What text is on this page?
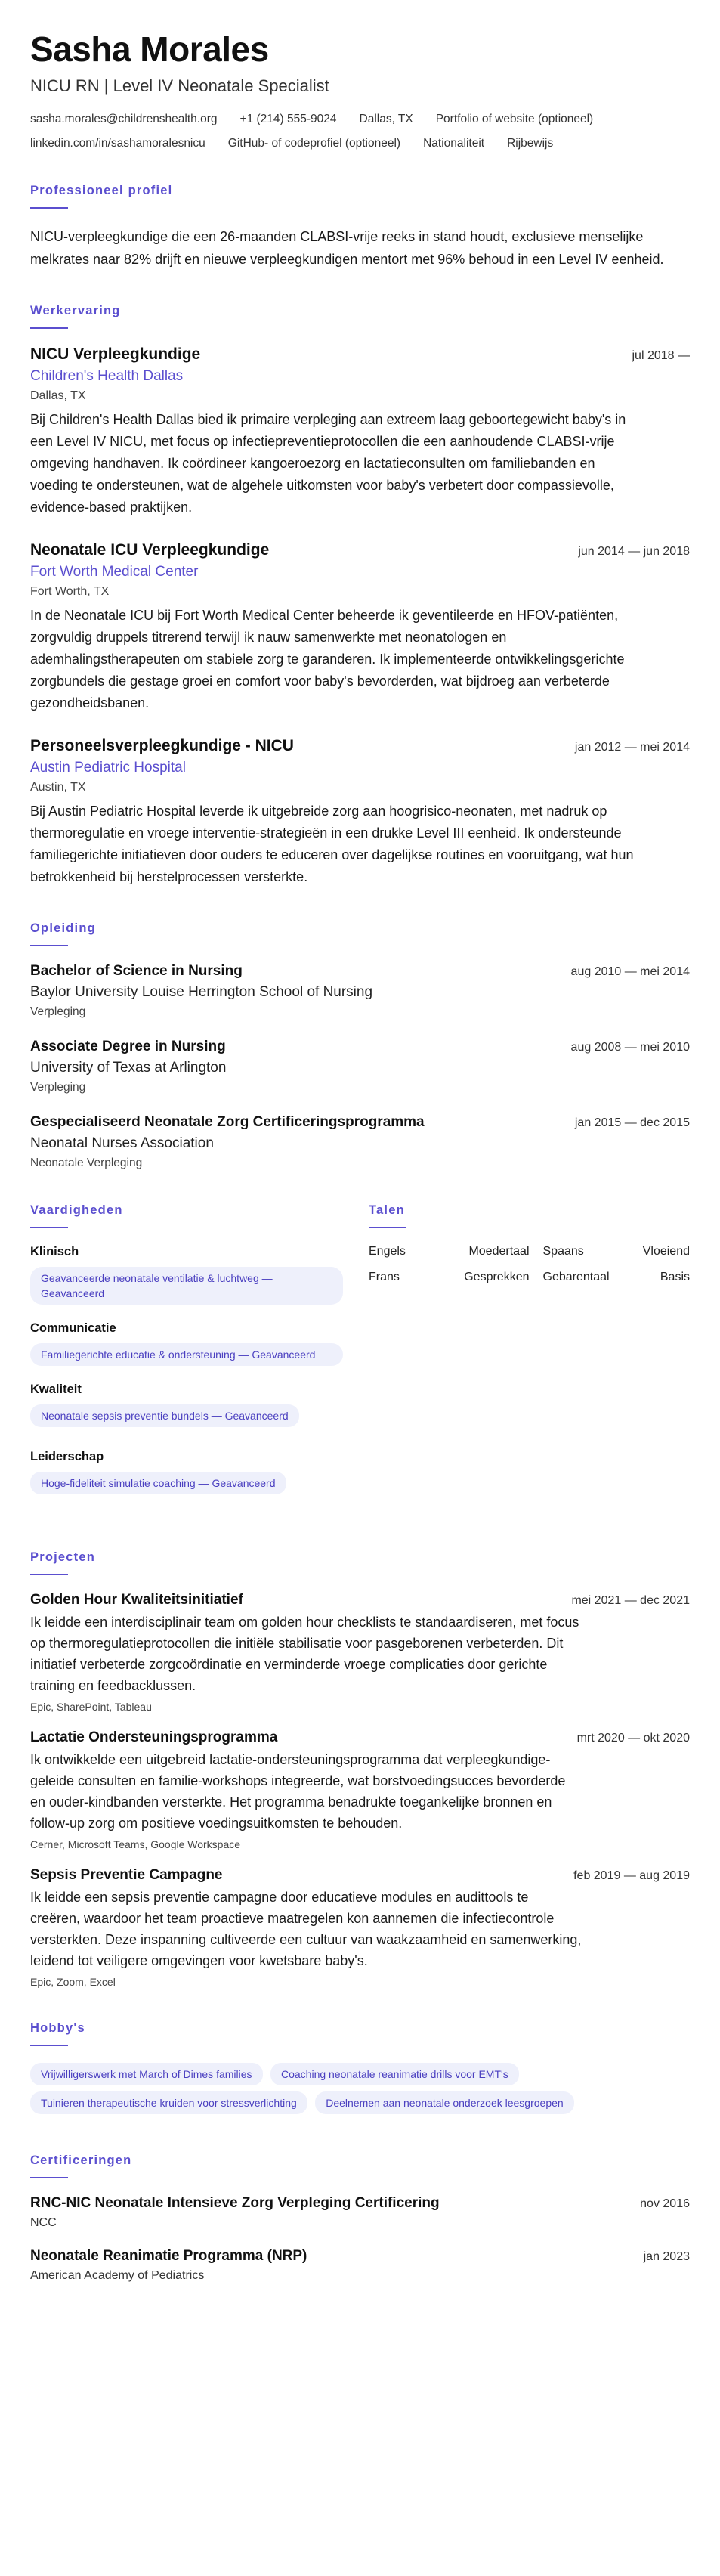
Sasha Morales
NICU RN | Level IV Neonatale Specialist
sasha.morales@childrenshealth.org +1 (214) 555-9024 Dallas, TX Portfolio of website (optioneel)
linkedin.com/in/sashamoralesnicu GitHub- of codeprofiel (optioneel) Nationaliteit Rijbewijs
Professioneel profiel

NICU-verpleegkundige die een 26-maanden CLABSI-vrije reeks in stand houdt, exclusieve menselijke melkrates naar 82% drijft en nieuwe verpleegkundigen mentort met 96% behoud in een Level IV eenheid.

Werkervaring
NICU Verpleegkundige	jul 2018 —
Children's Health Dallas
Dallas, TX

Bij Children's Health Dallas bied ik primaire verpleging aan extreem laag geboortegewicht baby's in een Level IV NICU, met focus op infectiepreventieprotocollen die een aanhoudende CLABSI-vrije omgeving handhaven. Ik coördineer kangoeroezorg en lactatieconsulten om familiebanden en voeding te ondersteunen, wat de algehele uitkomsten voor baby's verbetert door compassievolle, evidence-based praktijken.

Neonatale ICU Verpleegkundige	jun 2014 — jun 2018
Fort Worth Medical Center
Fort Worth, TX

In de Neonatale ICU bij Fort Worth Medical Center beheerde ik geventileerde en HFOV-patiënten, zorgvuldig druppels titrerend terwijl ik nauw samenwerkte met neonatologen en ademhalingstherapeuten om stabiele zorg te garanderen. Ik implementeerde ontwikkelingsgerichte zorgbundels die gestage groei en comfort voor baby's bevorderden, wat bijdroeg aan verbeterde gezondheidsbanen.

Personeelsverpleegkundige - NICU	jan 2012 — mei 2014
Austin Pediatric Hospital
Austin, TX

Bij Austin Pediatric Hospital leverde ik uitgebreide zorg aan hoogrisico-neonaten, met nadruk op thermoregulatie en vroege interventie-strategieën in een drukke Level III eenheid. Ik ondersteunde familiegerichte initiatieven door ouders te educeren over dagelijkse routines en vooruitgang, wat hun betrokkenheid bij herstelprocessen versterkte.

Opleiding
Bachelor of Science in Nursing	aug 2010 — mei 2014
Baylor University Louise Herrington School of Nursing
Verpleging
Associate Degree in Nursing	aug 2008 — mei 2010
University of Texas at Arlington
Verpleging
Gespecialiseerd Neonatale Zorg Certificeringsprogramma	jan 2015 — dec 2015
Neonatal Nurses Association
Neonatale Verpleging
Vaardigheden
Klinisch
Geavanceerde neonatale ventilatie & luchtweg — Geavanceerd
Communicatie
Familiegerichte educatie & ondersteuning — Geavanceerd
Kwaliteit
Neonatale sepsis preventie bundels — Geavanceerd
Leiderschap
Hoge-fideliteit simulatie coaching — Geavanceerd
Talen
Engels	Moedertaal	Spaans	Vloeiend
Frans	Gesprekken	Gebarentaal	Basis
Projecten
Golden Hour Kwaliteitsinitiatief	mei 2021 — dec 2021

Ik leidde een interdisciplinair team om golden hour checklists te standaardiseren, met focus op thermoregulatieprotocollen die initiële stabilisatie voor pasgeborenen verbeterden. Dit initiatief verbeterde zorgcoördinatie en verminderde vroege complicaties door gerichte training en feedbacklussen.

Epic, SharePoint, Tableau
Lactatie Ondersteuningsprogramma	mrt 2020 — okt 2020

Ik ontwikkelde een uitgebreid lactatie-ondersteuningsprogramma dat verpleegkundige-geleide consulten en familie-workshops integreerde, wat borstvoedingsucces bevorderde en ouder-kindbanden versterkte. Het programma benadrukte toegankelijke bronnen en follow-up zorg om positieve voedingsuitkomsten te behouden.

Cerner, Microsoft Teams, Google Workspace
Sepsis Preventie Campagne	feb 2019 — aug 2019

Ik leidde een sepsis preventie campagne door educatieve modules en audittools te creëren, waardoor het team proactieve maatregelen kon aannemen die infectiecontrole versterkten. Deze inspanning cultiveerde een cultuur van waakzaamheid en samenwerking, leidend tot veiligere omgevingen voor kwetsbare baby's.

Epic, Zoom, Excel
Hobby's
Vrijwilligerswerk met March of Dimes families	Coaching neonatale reanimatie drills voor EMT's Tuinieren therapeutische kruiden voor stressverlichting	Deelnemen aan neonatale onderzoek leesgroepen
Certificeringen
RNC-NIC Neonatale Intensieve Zorg Verpleging Certificering	nov 2016
NCC
Neonatale Reanimatie Programma (NRP)	jan 2023
American Academy of Pediatrics
